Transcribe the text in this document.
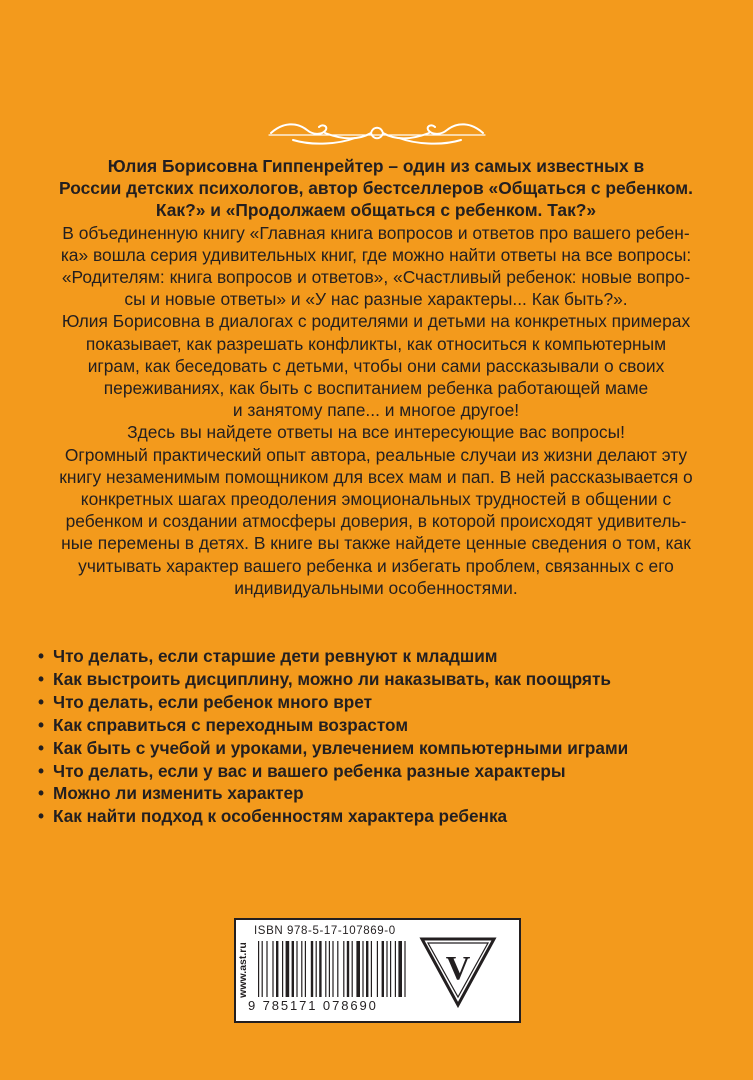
Юлия Борисовна Гиппенрейтер – один из самых известных в

России детских психологов, автор бестселлеров «Общаться с ребенком.

Как?» и «Продолжаем общаться с ребенком. Так?»

В объединенную книгу «Главная книга вопросов и ответов про вашего ребен-

ка» вошла серия удивительных книг, где можно найти ответы на все вопросы:

«Родителям: книга вопросов и ответов», «Счастливый ребенок: новые вопро-

сы и новые ответы» и «У нас разные характеры... Как быть?».

Юлия Борисовна в диалогах с родителями и детьми на конкретных примерах

показывает, как разрешать конфликты, как относиться к компьютерным

играм, как беседовать с детьми, чтобы они сами рассказывали о своих

переживаниях, как быть с воспитанием ребенка работающей маме

и занятому папе... и многое другое!

Здесь вы найдете ответы на все интересующие вас вопросы!

Огромный практический опыт автора, реальные случаи из жизни делают эту

книгу незаменимым помощником для всех мам и пап. В ней рассказывается о

конкретных шагах преодоления эмоциональных трудностей в общении с

ребенком и создании атмосферы доверия, в которой происходят удивитель-

ные перемены в детях. В книге вы также найдете ценные сведения о том, как

учитывать характер вашего ребенка и избегать проблем, связанных с его

индивидуальными особенностями.

• Что делать, если старшие дети ревнуют к младшим
• Как выстроить дисциплину, можно ли наказывать, как поощрять
• Что делать, если ребенок много врет
• Как справиться с переходным возрастом
• Как быть с учебой и уроками, увлечением компьютерными играми
• Что делать, если у вас и вашего ребенка разные характеры
• Можно ли изменить характер
• Как найти подход к особенностям характера ребенка
www.ast.ru
ISBN 978-5-17-107869-0
9 785171 078690
V
